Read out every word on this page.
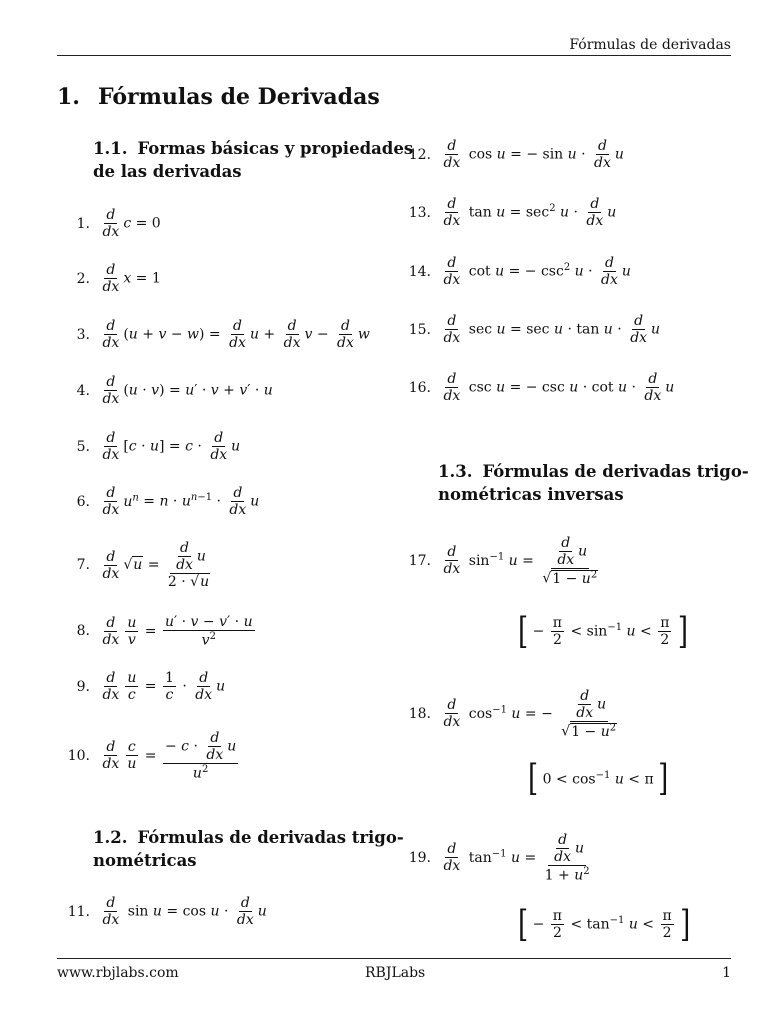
Fórmulas de derivadas
1. Fórmulas de Derivadas
1.1. Formas básicas y propiedades
de las derivadas
1. $\frac{d}{dx}$ c = 0
2. $\frac{d}{dx}$ x = 1
3. $\frac{d}{dx} (u + v - w) = \frac{d}{dx}$ $u + \frac{d}{dx}$ $v - \frac{d}{dx}$ w
4. $\frac{d}{dx} (u \cdot v) = u' \cdot v + v' \cdot u$
5. $\frac{d}{dx} [c \cdot u] = c \cdot \frac{d}{dx}$ u
6. $\frac{d}{dx} u^n = n \cdot u^{n-1} \cdot \frac{d}{dx}$ u
7. $\frac{d}{dx} √u = \frac{\frac{d}{dx} u}{2 \cdot √u}$
8. $\frac{d}{dx} \frac{u}{v} = \frac{u' \cdot v - v' \cdot u}{v^2}$
9. $\frac{d}{dx} \frac{u}{c} = \frac{1}{c} \cdot \frac{d}{dx}$ u
10. $\frac{d}{dx} \frac{c}{u} = \frac{- c \cdot \frac{d}{dx} u}{u^2}$
1.2. Fórmulas de derivadas trigo-
nométricas
11. $\frac{d}{dx}$ $\sin u = \cos u \cdot \frac{d}{dx}$ u
12. $\frac{d}{dx}$ cos u = − $\sin u \cdot \frac{d}{dx}$ u
13. $\frac{d}{dx}$ $\tan u = \sec^2 u \cdot \frac{d}{dx}$ u
14. $\frac{d}{dx}$ cot u = − $\csc^2 u \cdot \frac{d}{dx}$ u
15. $\frac{d}{dx}$ $\sec u = \sec u \cdot \tan u \cdot \frac{d}{dx}$ u
16. $\frac{d}{dx}$ csc u = − $\csc u \cdot \cot u \cdot \frac{d}{dx}$ u
1.3. Fórmulas de derivadas trigo-
nométricas inversas
17. $\frac{d}{dx} \sin^{-1} u = \frac{\frac{d}{dx} u}{√1 - u^2}$
[ − $\frac{\pi}{2} < \sin^{-1} u < \frac{\pi}{2}$ ]
18. $\frac{d}{dx} \cos^{-1} u$ = − $\frac{\frac{d}{dx} u}{√1 - u^2}$
[ $0 < \cos^{-1} u < \pi$ ]
19. $\frac{d}{dx} \tan^{-1} u = \frac{\frac{d}{dx} u}{1 + u^2}$
[ − $\frac{\pi}{2} < \tan^{-1} u < \frac{\pi}{2}$ ]
www.rbjlabs.com	RBJLabs	1
